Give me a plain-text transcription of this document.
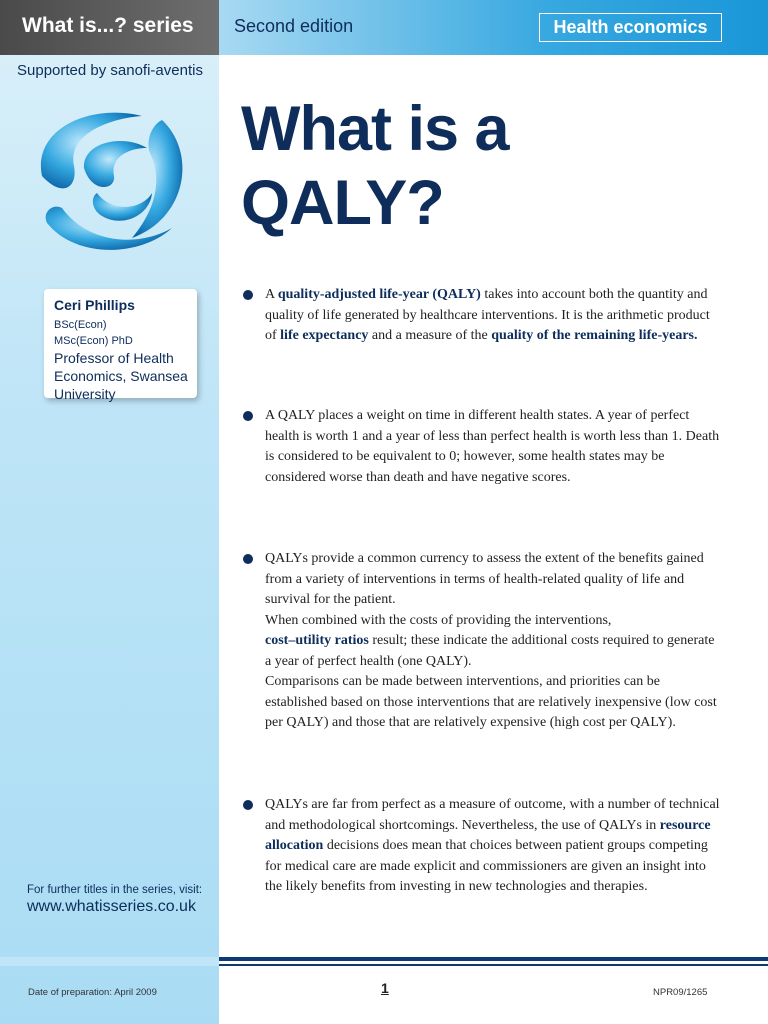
What is...? series Second edition	Health economics
Supported by sanofi-aventis
Ceri Phillips BSc(Econ)
MSc(Econ) PhD
Professor of Health Economics, Swansea University
For further titles in the series, visit:
www.whatisseries.co.uk
What is a
QALY?
A quality-adjusted life-year (QALY) takes into account both the quantity and quality of life generated by healthcare interventions. It is the arithmetic product of life expectancy and a measure of the quality of the remaining life-years.
A QALY places a weight on time in different health states. A year of perfect health is worth 1 and a year of less than perfect health is worth less than 1. Death is considered to be equivalent to 0; however, some health states may be considered worse than death and have negative scores.
QALYs provide a common currency to assess the extent of the benefits gained from a variety of interventions in terms of health-related quality of life and survival for the patient.
When combined with the costs of providing the interventions,
cost–utility ratios result; these indicate the additional costs required to generate a year of perfect health (one QALY).
Comparisons can be made between interventions, and priorities can be established based on those interventions that are relatively inexpensive (low cost per QALY) and those that are relatively expensive (high cost per QALY).
QALYs are far from perfect as a measure of outcome, with a number of technical and methodological shortcomings. Nevertheless, the use of QALYs in resource allocation decisions does mean that choices between patient groups competing for medical care are made explicit and commissioners are given an insight into the likely benefits from investing in new technologies and therapies.
Date of preparation: April 2009	1	NPR09/1265
